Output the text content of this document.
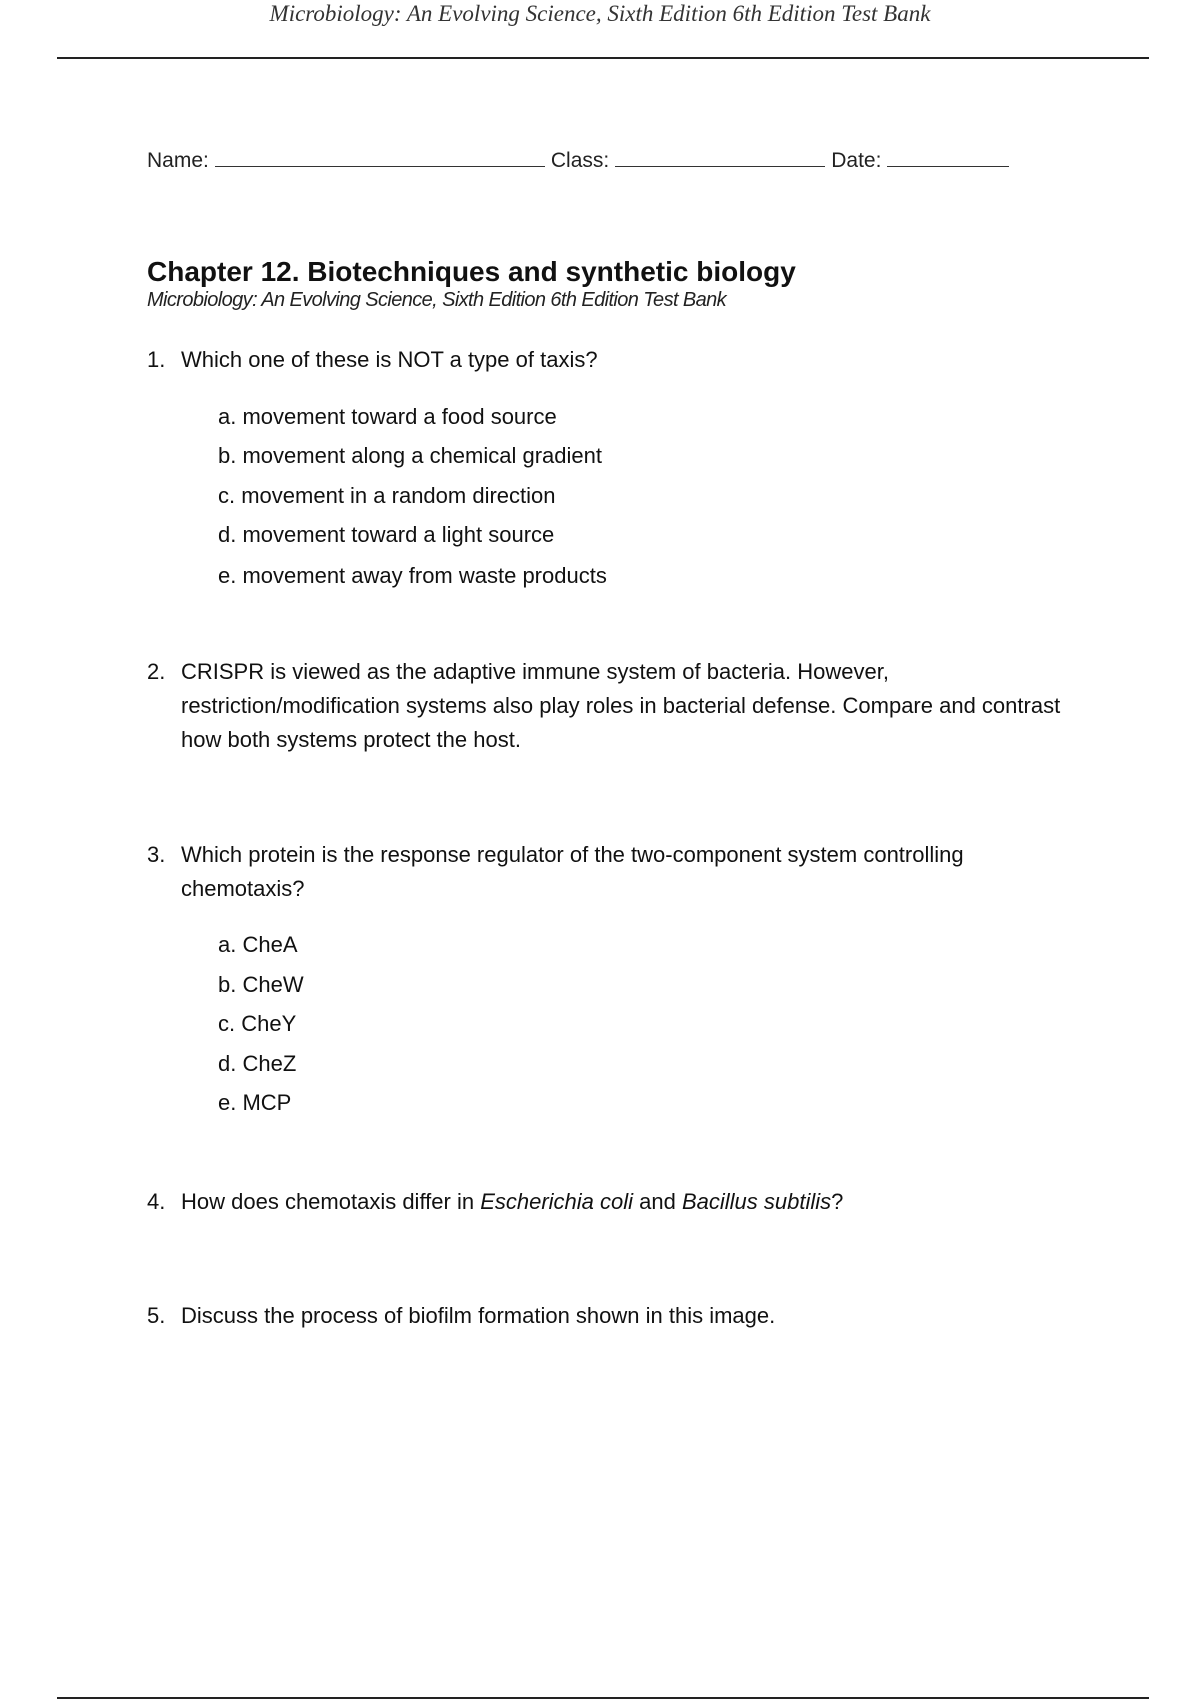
Microbiology: An Evolving Science, Sixth Edition 6th Edition Test Bank
Name:	Class:	Date:
Chapter 12. Biotechniques and synthetic biology
Microbiology: An Evolving Science, Sixth Edition 6th Edition Test Bank
1. Which one of these is NOT a type of taxis?
a. movement toward a food source
b. movement along a chemical gradient
c. movement in a random direction
d. movement toward a light source
e. movement away from waste products
2. CRISPR is viewed as the adaptive immune system of bacteria. However, restriction/modification systems also play roles in bacterial defense. Compare and contrast how both systems protect the host.
3. Which protein is the response regulator of the two-component system controlling chemotaxis?
a. CheA
b. CheW
c. CheY
d. CheZ
e. MCP
4. How does chemotaxis differ in Escherichia coli and Bacillus subtilis?
5. Discuss the process of biofilm formation shown in this image.
